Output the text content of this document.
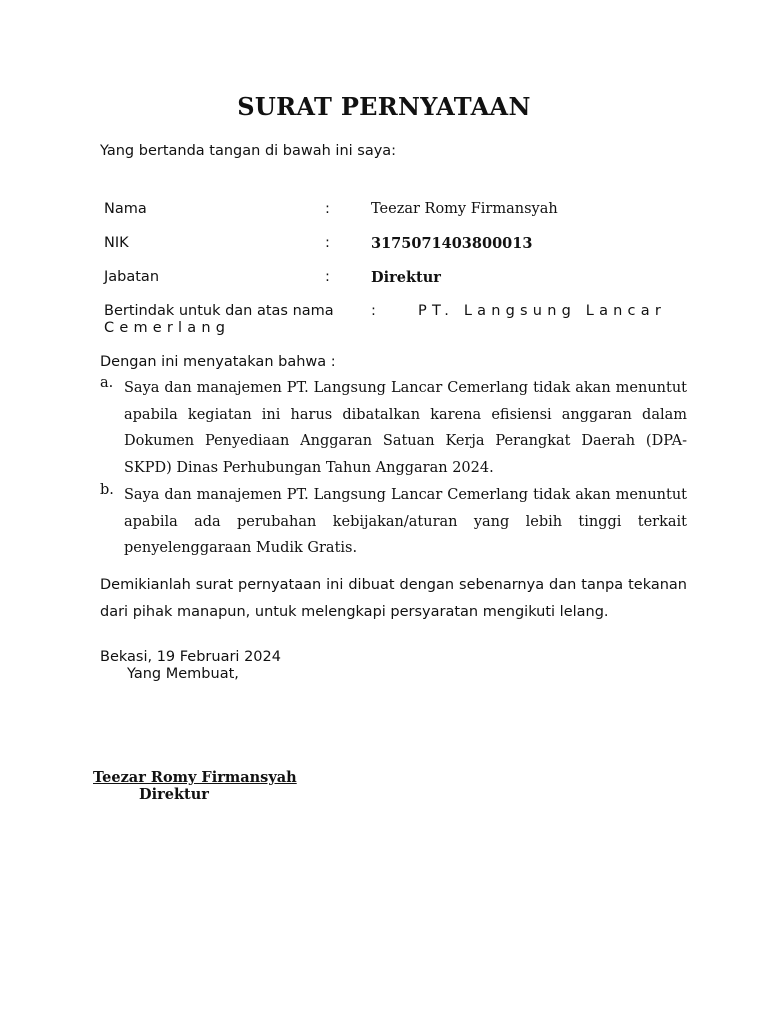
SURAT PERNYATAAN
Yang bertanda tangan di bawah ini saya:
Nama	:	Teezar Romy Firmansyah
NIK	:	3175071403800013
Jabatan	:	Direktur
Bertindak untuk dan atas nama	:	PT. Langsung Lancar
Cemerlang
Dengan ini menyatakan bahwa :
a. Saya dan manajemen PT. Langsung Lancar Cemerlang tidak akan menuntut apabila kegiatan ini harus dibatalkan karena efisiensi anggaran dalam Dokumen Penyediaan Anggaran Satuan Kerja Perangkat Daerah (DPA-SKPD) Dinas Perhubungan Tahun Anggaran 2024.
b. Saya dan manajemen PT. Langsung Lancar Cemerlang tidak akan menuntut apabila ada perubahan kebijakan/aturan yang lebih tinggi terkait penyelenggaraan Mudik Gratis.
Demikianlah surat pernyataan ini dibuat dengan sebenarnya dan tanpa tekanan dari pihak manapun, untuk melengkapi persyaratan mengikuti lelang.
Bekasi, 19 Februari 2024
Yang Membuat,
Teezar Romy Firmansyah
Direktur
